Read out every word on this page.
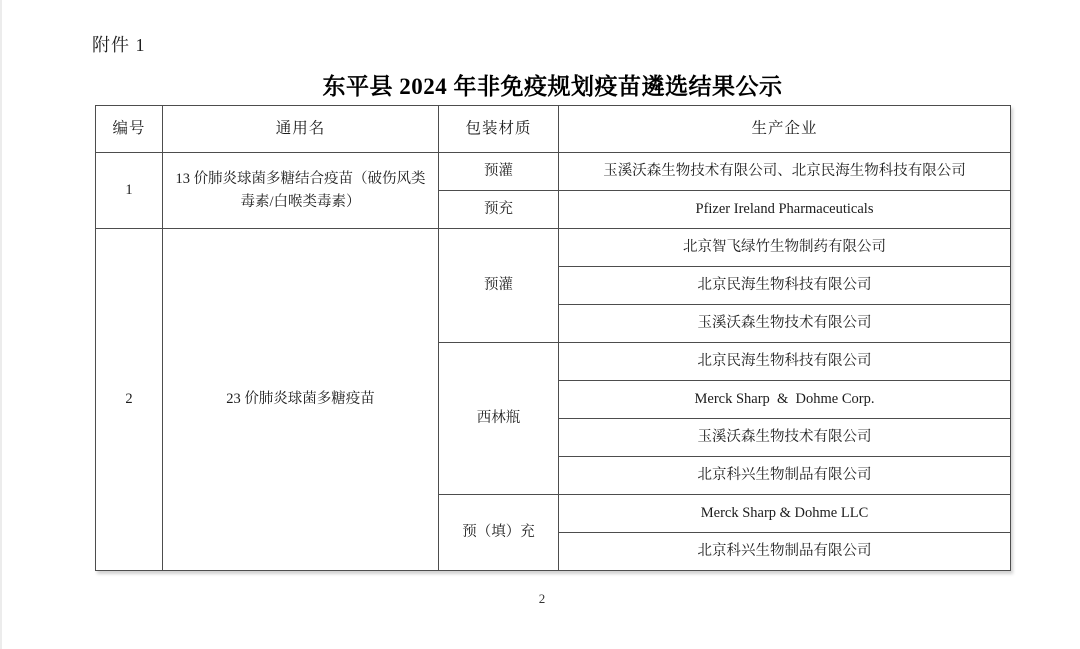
附件 1
东平县 2024 年非免疫规划疫苗遴选结果公示
编号	通用名	包装材质	生产企业
1	13 价肺炎球菌多糖结合疫苗（破伤风类毒素/白喉类毒素）	预灌	玉溪沃森生物技术有限公司、北京民海生物科技有限公司
		预充	Pfizer Ireland Pharmaceuticals
2	23 价肺炎球菌多糖疫苗	预灌	北京智飞绿竹生物制药有限公司
			北京民海生物科技有限公司
			玉溪沃森生物技术有限公司
		西林瓶	北京民海生物科技有限公司
			Merck Sharp  &  Dohme Corp.
			玉溪沃森生物技术有限公司
			北京科兴生物制品有限公司
		预（填）充	Merck Sharp & Dohme LLC
			北京科兴生物制品有限公司
2
